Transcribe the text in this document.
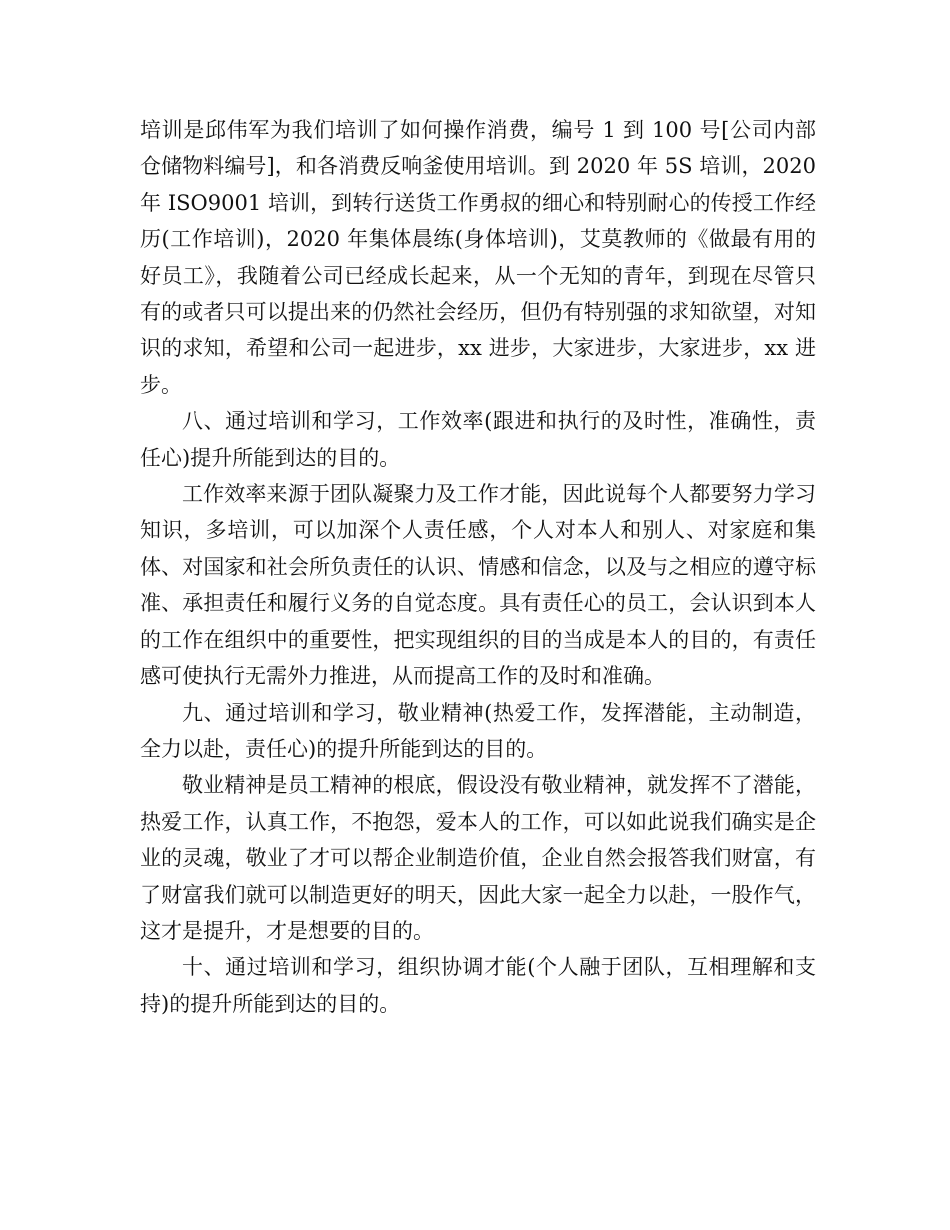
培训是邱伟军为我们培训了如何操作消费，编号 1 到 100 号[公司内部仓储物料编号]，和各消费反响釜使用培训。到 2020 年 5S 培训，2020 年 ISO9001 培训，到转行送货工作勇叔的细心和特别耐心的传授工作经历(工作培训)，2020 年集体晨练(身体培训)，艾莫教师的《做最有用的好员工》，我随着公司已经成长起来，从一个无知的青年，到现在尽管只有的或者只可以提出来的仍然社会经历，但仍有特别强的求知欲望，对知识的求知，希望和公司一起进步，xx 进步，大家进步，大家进步，xx 进步。

八、通过培训和学习，工作效率(跟进和执行的及时性，准确性，责任心)提升所能到达的目的。

工作效率来源于团队凝聚力及工作才能，因此说每个人都要努力学习知识，多培训，可以加深个人责任感，个人对本人和别人、对家庭和集体、对国家和社会所负责任的认识、情感和信念，以及与之相应的遵守标准、承担责任和履行义务的自觉态度。具有责任心的员工，会认识到本人的工作在组织中的重要性，把实现组织的目的当成是本人的目的，有责任感可使执行无需外力推进，从而提高工作的及时和准确。

九、通过培训和学习，敬业精神(热爱工作，发挥潜能，主动制造，全力以赴，责任心)的提升所能到达的目的。

敬业精神是员工精神的根底，假设没有敬业精神，就发挥不了潜能，热爱工作，认真工作，不抱怨，爱本人的工作，可以如此说我们确实是企业的灵魂，敬业了才可以帮企业制造价值，企业自然会报答我们财富，有了财富我们就可以制造更好的明天，因此大家一起全力以赴，一股作气，这才是提升，才是想要的目的。

十、通过培训和学习，组织协调才能(个人融于团队，互相理解和支持)的提升所能到达的目的。
